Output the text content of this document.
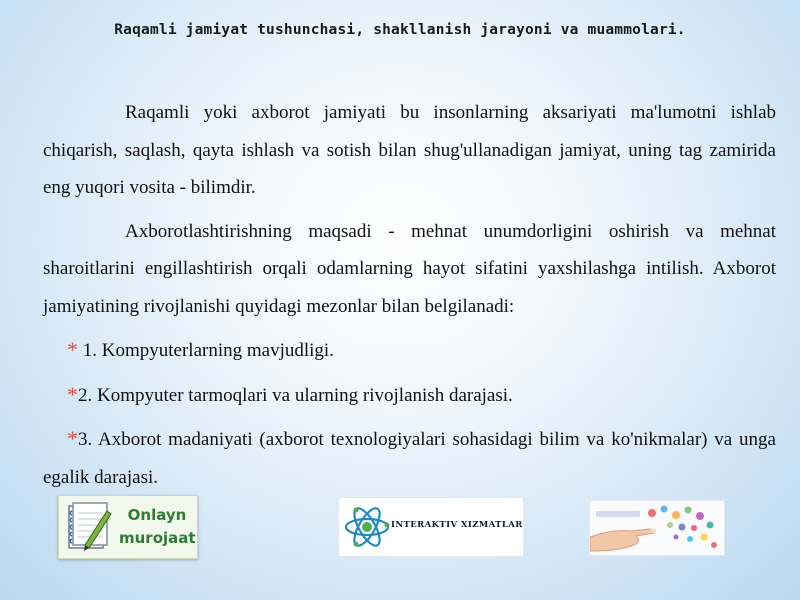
Raqamli jamiyat tushunchasi, shakllanish jarayoni va muammolari.

Raqamli yoki axborot jamiyati bu insonlarning aksariyati ma'lumotni ishlab chiqarish, saqlash, qayta ishlash va sotish bilan shug'ullanadigan jamiyat, uning tag zamirida eng yuqori vosita - bilimdir.

Axborotlashtirishning maqsadi - mehnat unumdorligini oshirish va mehnat sharoitlarini engillashtirish orqali odamlarning hayot sifatini yaxshilashga intilish. Axborot jamiyatining rivojlanishi quyidagi mezonlar bilan belgilanadi:

* 1. Kompyuterlarning mavjudligi.

*2. Kompyuter tarmoqlari va ularning rivojlanish darajasi.

*3. Axborot madaniyati (axborot texnologiyalari sohasidagi bilim va ko'nikmalar) va unga egalik darajasi.

Onlayn
murojaat
INTERAKTIV XIZMATLAR
